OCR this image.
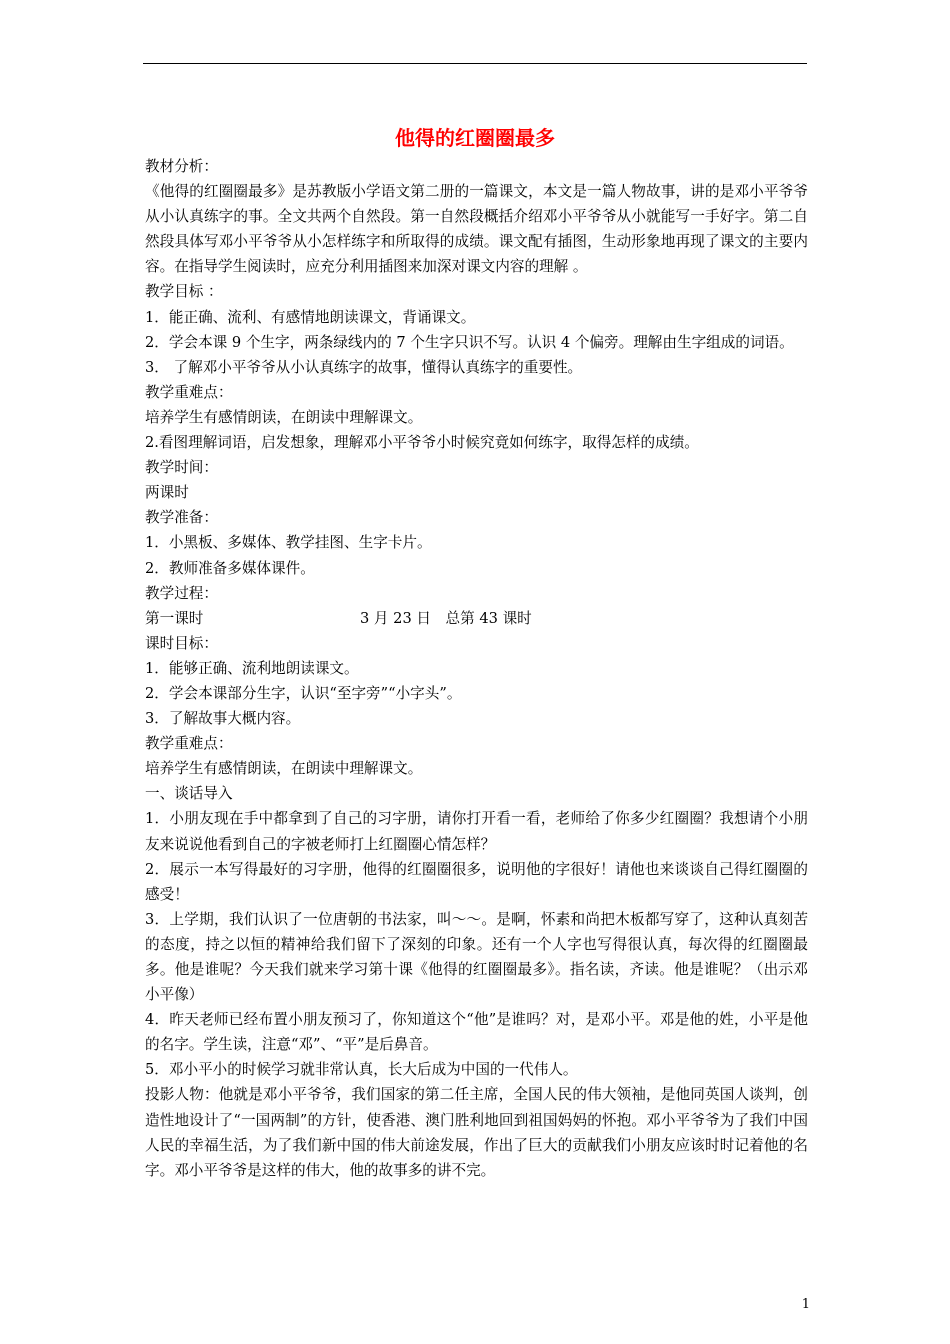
他得的红圈圈最多

教材分析：

《他得的红圈圈最多》是苏教版小学语文第二册的一篇课文，本文是一篇人物故事，讲的是邓小平爷爷从小认真练字的事。全文共两个自然段。第一自然段概括介绍邓小平爷爷从小就能写一手好字。第二自然段具体写邓小平爷爷从小怎样练字和所取得的成绩。课文配有插图，生动形象地再现了课文的主要内容。在指导学生阅读时，应充分利用插图来加深对课文内容的理解 。

教学目标 ：

1．能正确、流利、有感情地朗读课文，背诵课文。

2．学会本课 9 个生字，两条绿线内的 7 个生字只识不写。认识 4 个偏旁。理解由生字组成的词语。

3． 了解邓小平爷爷从小认真练字的故事，懂得认真练字的重要性。

教学重难点：

培养学生有感情朗读，在朗读中理解课文。

2.看图理解词语，启发想象，理解邓小平爷爷小时候究竟如何练字，取得怎样的成绩。

教学时间：

两课时

教学准备：

1．小黑板、多媒体、教学挂图、生字卡片。

2．教师准备多媒体课件。

教学过程：

第一课时	3 月 23 日　总第 43 课时

课时目标：

1．能够正确、流利地朗读课文。

2．学会本课部分生字，认识“至字旁”“小字头”。

3．了解故事大概内容。

教学重难点：

培养学生有感情朗读，在朗读中理解课文。

一、谈话导入

1．小朋友现在手中都拿到了自己的习字册，请你打开看一看，老师给了你多少红圈圈？我想请个小朋友来说说他看到自己的字被老师打上红圈圈心情怎样？

2．展示一本写得最好的习字册，他得的红圈圈很多，说明他的字很好！请他也来谈谈自己得红圈圈的感受！

3．上学期，我们认识了一位唐朝的书法家，叫～～。是啊，怀素和尚把木板都写穿了，这种认真刻苦的态度，持之以恒的精神给我们留下了深刻的印象。还有一个人字也写得很认真，每次得的红圈圈最多。他是谁呢？今天我们就来学习第十课《他得的红圈圈最多》。指名读，齐读。他是谁呢？（出示邓小平像）

4．昨天老师已经布置小朋友预习了，你知道这个“他”是谁吗？对，是邓小平。邓是他的姓，小平是他的名字。学生读，注意“邓”、“平”是后鼻音。

5．邓小平小的时候学习就非常认真，长大后成为中国的一代伟人。

投影人物：他就是邓小平爷爷，我们国家的第二任主席，全国人民的伟大领袖，是他同英国人谈判，创造性地设计了“一国两制”的方针，使香港、澳门胜利地回到祖国妈妈的怀抱。邓小平爷爷为了我们中国人民的幸福生活，为了我们新中国的伟大前途发展，作出了巨大的贡献我们小朋友应该时时记着他的名字。邓小平爷爷是这样的伟大，他的故事多的讲不完。

1
